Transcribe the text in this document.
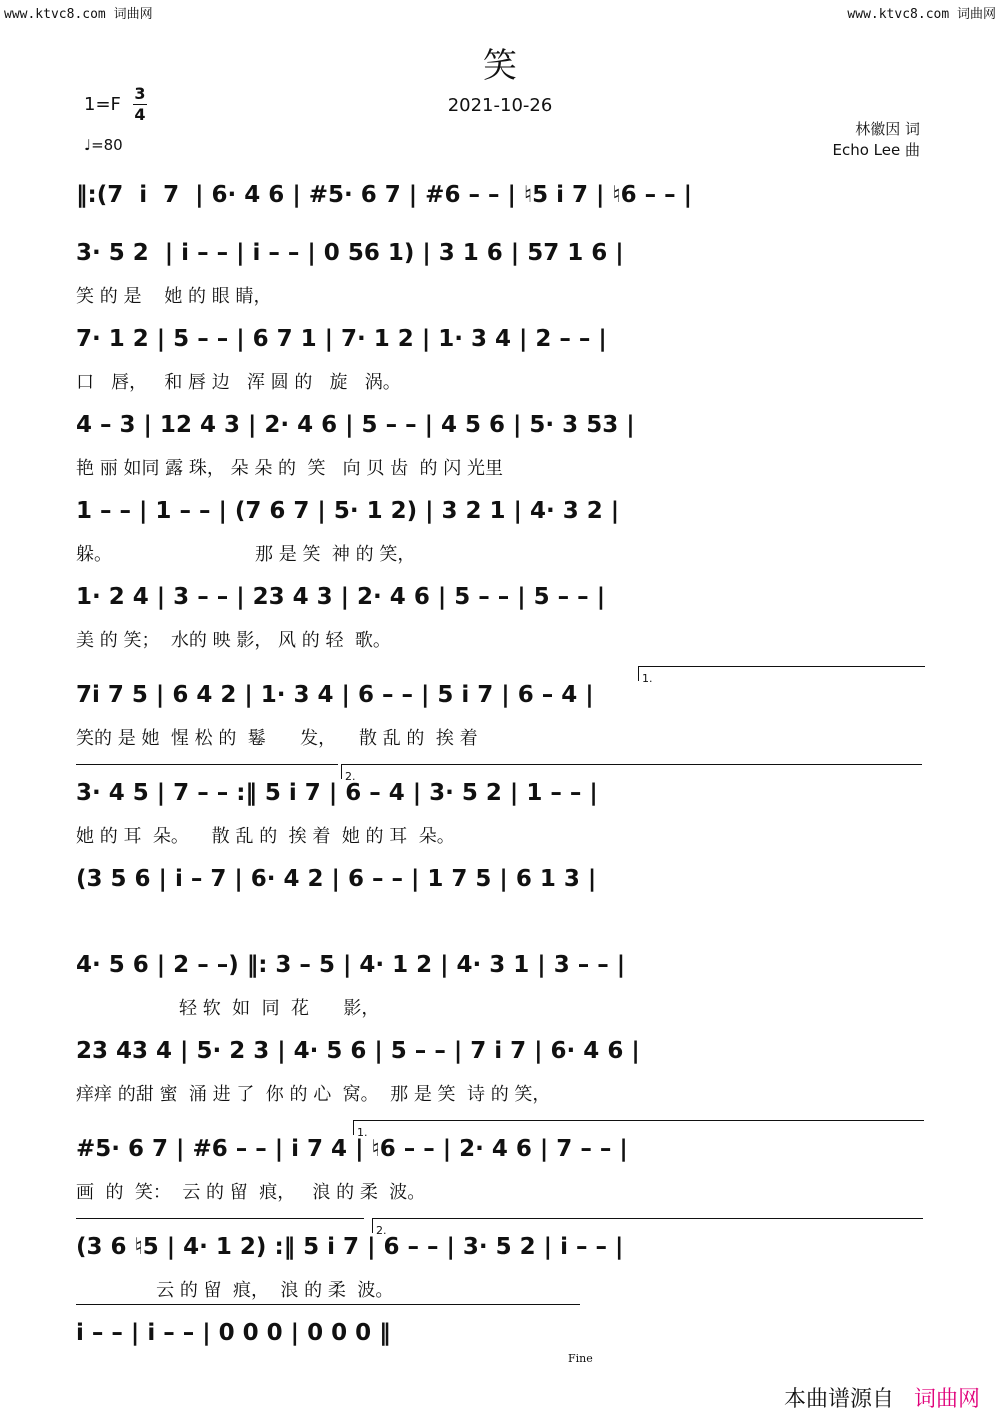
www.ktvc8.com 词曲网	www.ktvc8.com 词曲网
笑
1=F
3
4
♩=80
2021-10-26
林徽因 词
Echo Lee 曲
‖:(7  i  7  | 6· 4 6 | #5· 6 7 | #6 – – | ♮5 i 7 | ♮6 – – |
3· 5 2  | i – – | i – – | 0 56 1) | 3 1 6 | 57 1 6 |
笑 的 是    她 的 眼 睛，
7· 1 2 | 5 – – | 6 7 1 | 7· 1 2 | 1· 3 4 | 2 – – |
口   唇，   和 唇 边   浑 圆 的   旋   涡。
4 – 3 | 12 4 3 | 2· 4 6 | 5 – – | 4 5 6 | 5· 3 53 |
艳 丽 如同 露 珠， 朵 朵 的  笑   向 贝 齿  的 闪 光里
1 – – | 1 – – | (7 6 7 | 5· 1 2) | 3 2 1 | 4· 3 2 |
躲。                         那 是 笑  神 的 笑，
1· 2 4 | 3 – – | 23 4 3 | 2· 4 6 | 5 – – | 5 – – |
美 的 笑；  水的 映 影， 风 的 轻  歌。
1.
7i 7 5 | 6 4 2 | 1· 3 4 | 6 – – | 5 i 7 | 6 – 4 |
笑的 是 她  惺 松 的  鬈      发，    散 乱 的  挨 着
2.
3· 4 5 | 7 – – :‖ 5 i 7 | 6 – 4 | 3· 5 2 | 1 – – |
她 的 耳  朵。    散 乱 的  挨 着  她 的 耳  朵。
(3 5 6 | i – 7 | 6· 4 2 | 6 – – | 1 7 5 | 6 1 3 |
4· 5 6 | 2 – –) ‖: 3 – 5 | 4· 1 2 | 4· 3 1 | 3 – – |
轻 软  如  同  花      影，
23 43 4 | 5· 2 3 | 4· 5 6 | 5 – – | 7 i 7 | 6· 4 6 |
痒痒 的甜 蜜  涌 进 了  你 的 心  窝。  那 是 笑  诗 的 笑，
1.
#5· 6 7 | #6 – – | i 7 4 | ♮6 – – | 2· 4 6 | 7 – – |
画  的  笑：  云 的 留  痕，   浪 的 柔  波。
2.
(3 6 ♮5 | 4· 1 2) :‖ 5 i 7 | 6 – – | 3· 5 2 | i – – |
云 的 留  痕，  浪 的 柔  波。
i – – | i – – | 0 0 0 | 0 0 0 ‖
Fine
本曲谱源自 词曲网
